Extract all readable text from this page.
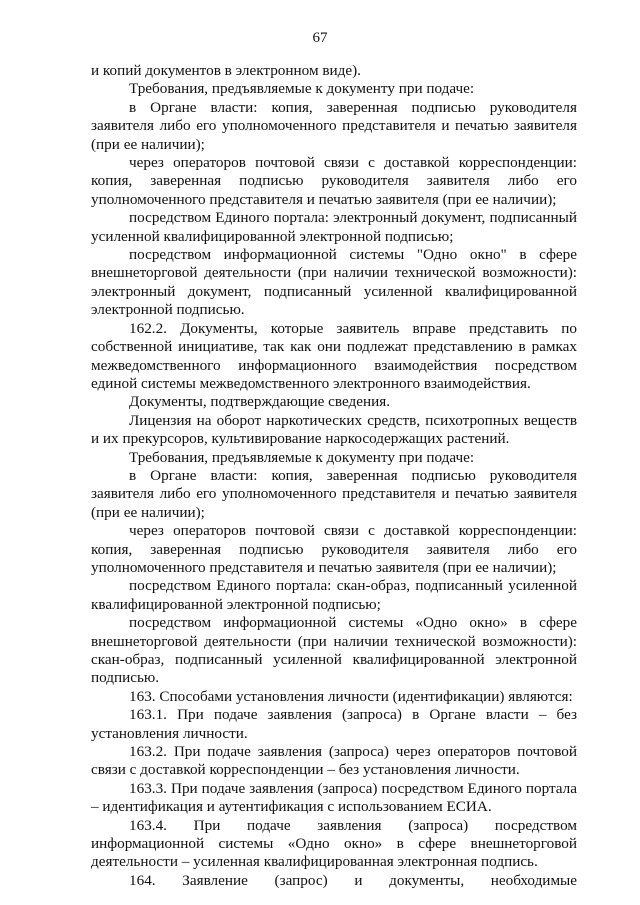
67

и копий документов в электронном виде).

Требования, предъявляемые к документу при подаче:

в Органе власти: копия, заверенная подписью руководителя заявителя либо его уполномоченного представителя и печатью заявителя (при ее наличии);

через операторов почтовой связи с доставкой корреспонденции: копия, заверенная подписью руководителя заявителя либо его уполномоченного представителя и печатью заявителя (при ее наличии);

посредством Единого портала: электронный документ, подписанный усиленной квалифицированной электронной подписью;

посредством информационной системы "Одно окно" в сфере внешнеторговой деятельности (при наличии технической возможности): электронный документ, подписанный усиленной квалифицированной электронной подписью.

162.2. Документы, которые заявитель вправе представить по собственной инициативе, так как они подлежат представлению в рамках межведомственного информационного взаимодействия посредством единой системы межведомственного электронного взаимодействия.

Документы, подтверждающие сведения.

Лицензия на оборот наркотических средств, психотропных веществ и их прекурсоров, культивирование наркосодержащих растений.

Требования, предъявляемые к документу при подаче:

в Органе власти: копия, заверенная подписью руководителя заявителя либо его уполномоченного представителя и печатью заявителя (при ее наличии);

через операторов почтовой связи с доставкой корреспонденции: копия, заверенная подписью руководителя заявителя либо его уполномоченного представителя и печатью заявителя (при ее наличии);

посредством Единого портала: скан-образ, подписанный усиленной квалифицированной электронной подписью;

посредством информационной системы «Одно окно» в сфере внешнеторговой деятельности (при наличии технической возможности): скан-образ, подписанный усиленной квалифицированной электронной подписью.

163. Способами установления личности (идентификации) являются:

163.1. При подаче заявления (запроса) в Органе власти – без установления личности.

163.2. При подаче заявления (запроса) через операторов почтовой связи с доставкой корреспонденции – без установления личности.

163.3. При подаче заявления (запроса) посредством Единого портала – идентификация и аутентификация с использованием ЕСИА.

163.4. При подаче заявления (запроса) посредством информационной системы «Одно окно» в сфере внешнеторговой деятельности – усиленная квалифицированная электронная подпись.

164. Заявление (запрос) и документы, необходимые
